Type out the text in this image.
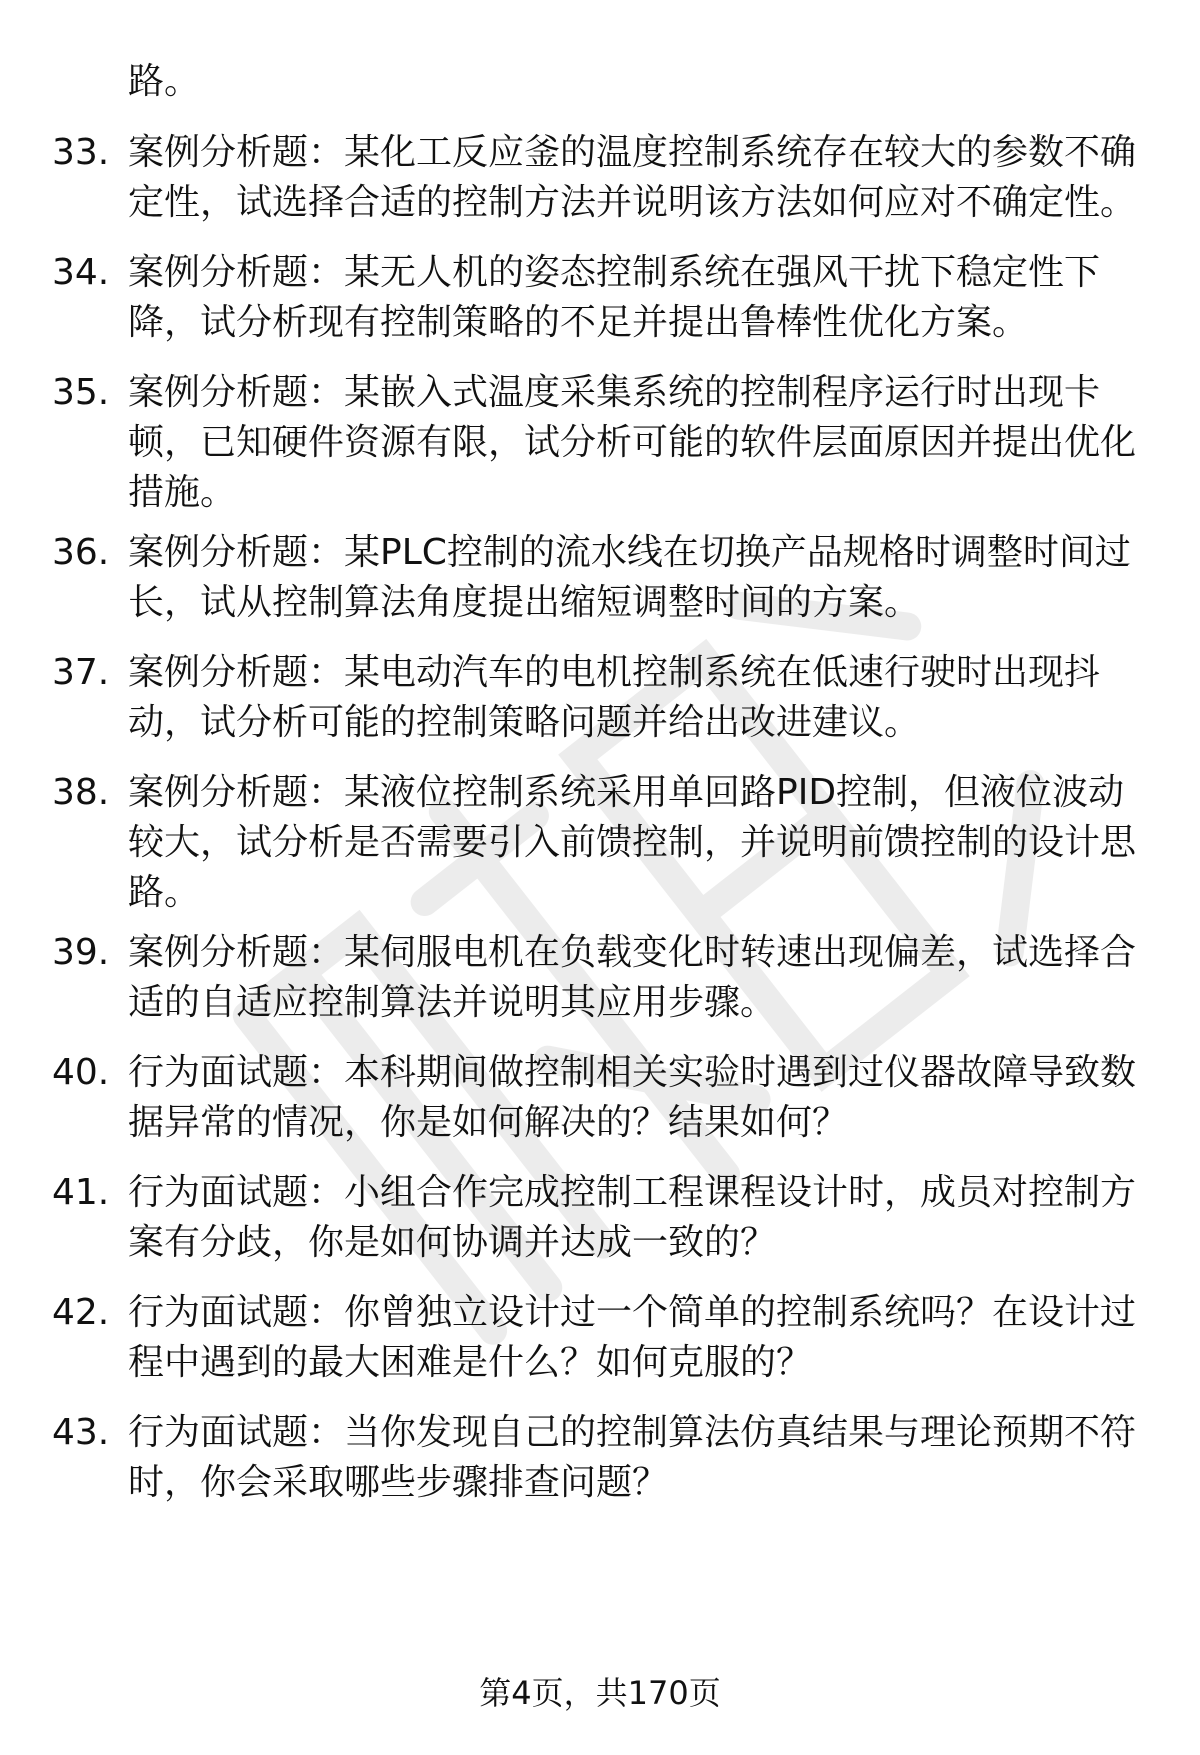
路。
33. 案例分析题：某化工反应釜的温度控制系统存在较大的参数不确
定性，试选择合适的控制方法并说明该方法如何应对不确定性。
34. 案例分析题：某无人机的姿态控制系统在强风干扰下稳定性下
降，试分析现有控制策略的不足并提出鲁棒性优化方案。
35. 案例分析题：某嵌入式温度采集系统的控制程序运行时出现卡
顿，已知硬件资源有限，试分析可能的软件层面原因并提出优化
措施。
36. 案例分析题：某PLC控制的流水线在切换产品规格时调整时间过
长，试从控制算法角度提出缩短调整时间的方案。
37. 案例分析题：某电动汽车的电机控制系统在低速行驶时出现抖
动，试分析可能的控制策略问题并给出改进建议。
38. 案例分析题：某液位控制系统采用单回路PID控制，但液位波动
较大，试分析是否需要引入前馈控制，并说明前馈控制的设计思
路。
39. 案例分析题：某伺服电机在负载变化时转速出现偏差，试选择合
适的自适应控制算法并说明其应用步骤。
40. 行为面试题：本科期间做控制相关实验时遇到过仪器故障导致数
据异常的情况，你是如何解决的？结果如何？
41. 行为面试题：小组合作完成控制工程课程设计时，成员对控制方
案有分歧，你是如何协调并达成一致的？
42. 行为面试题：你曾独立设计过一个简单的控制系统吗？在设计过
程中遇到的最大困难是什么？如何克服的？
43. 行为面试题：当你发现自己的控制算法仿真结果与理论预期不符
时，你会采取哪些步骤排查问题？
第4页，共170页
